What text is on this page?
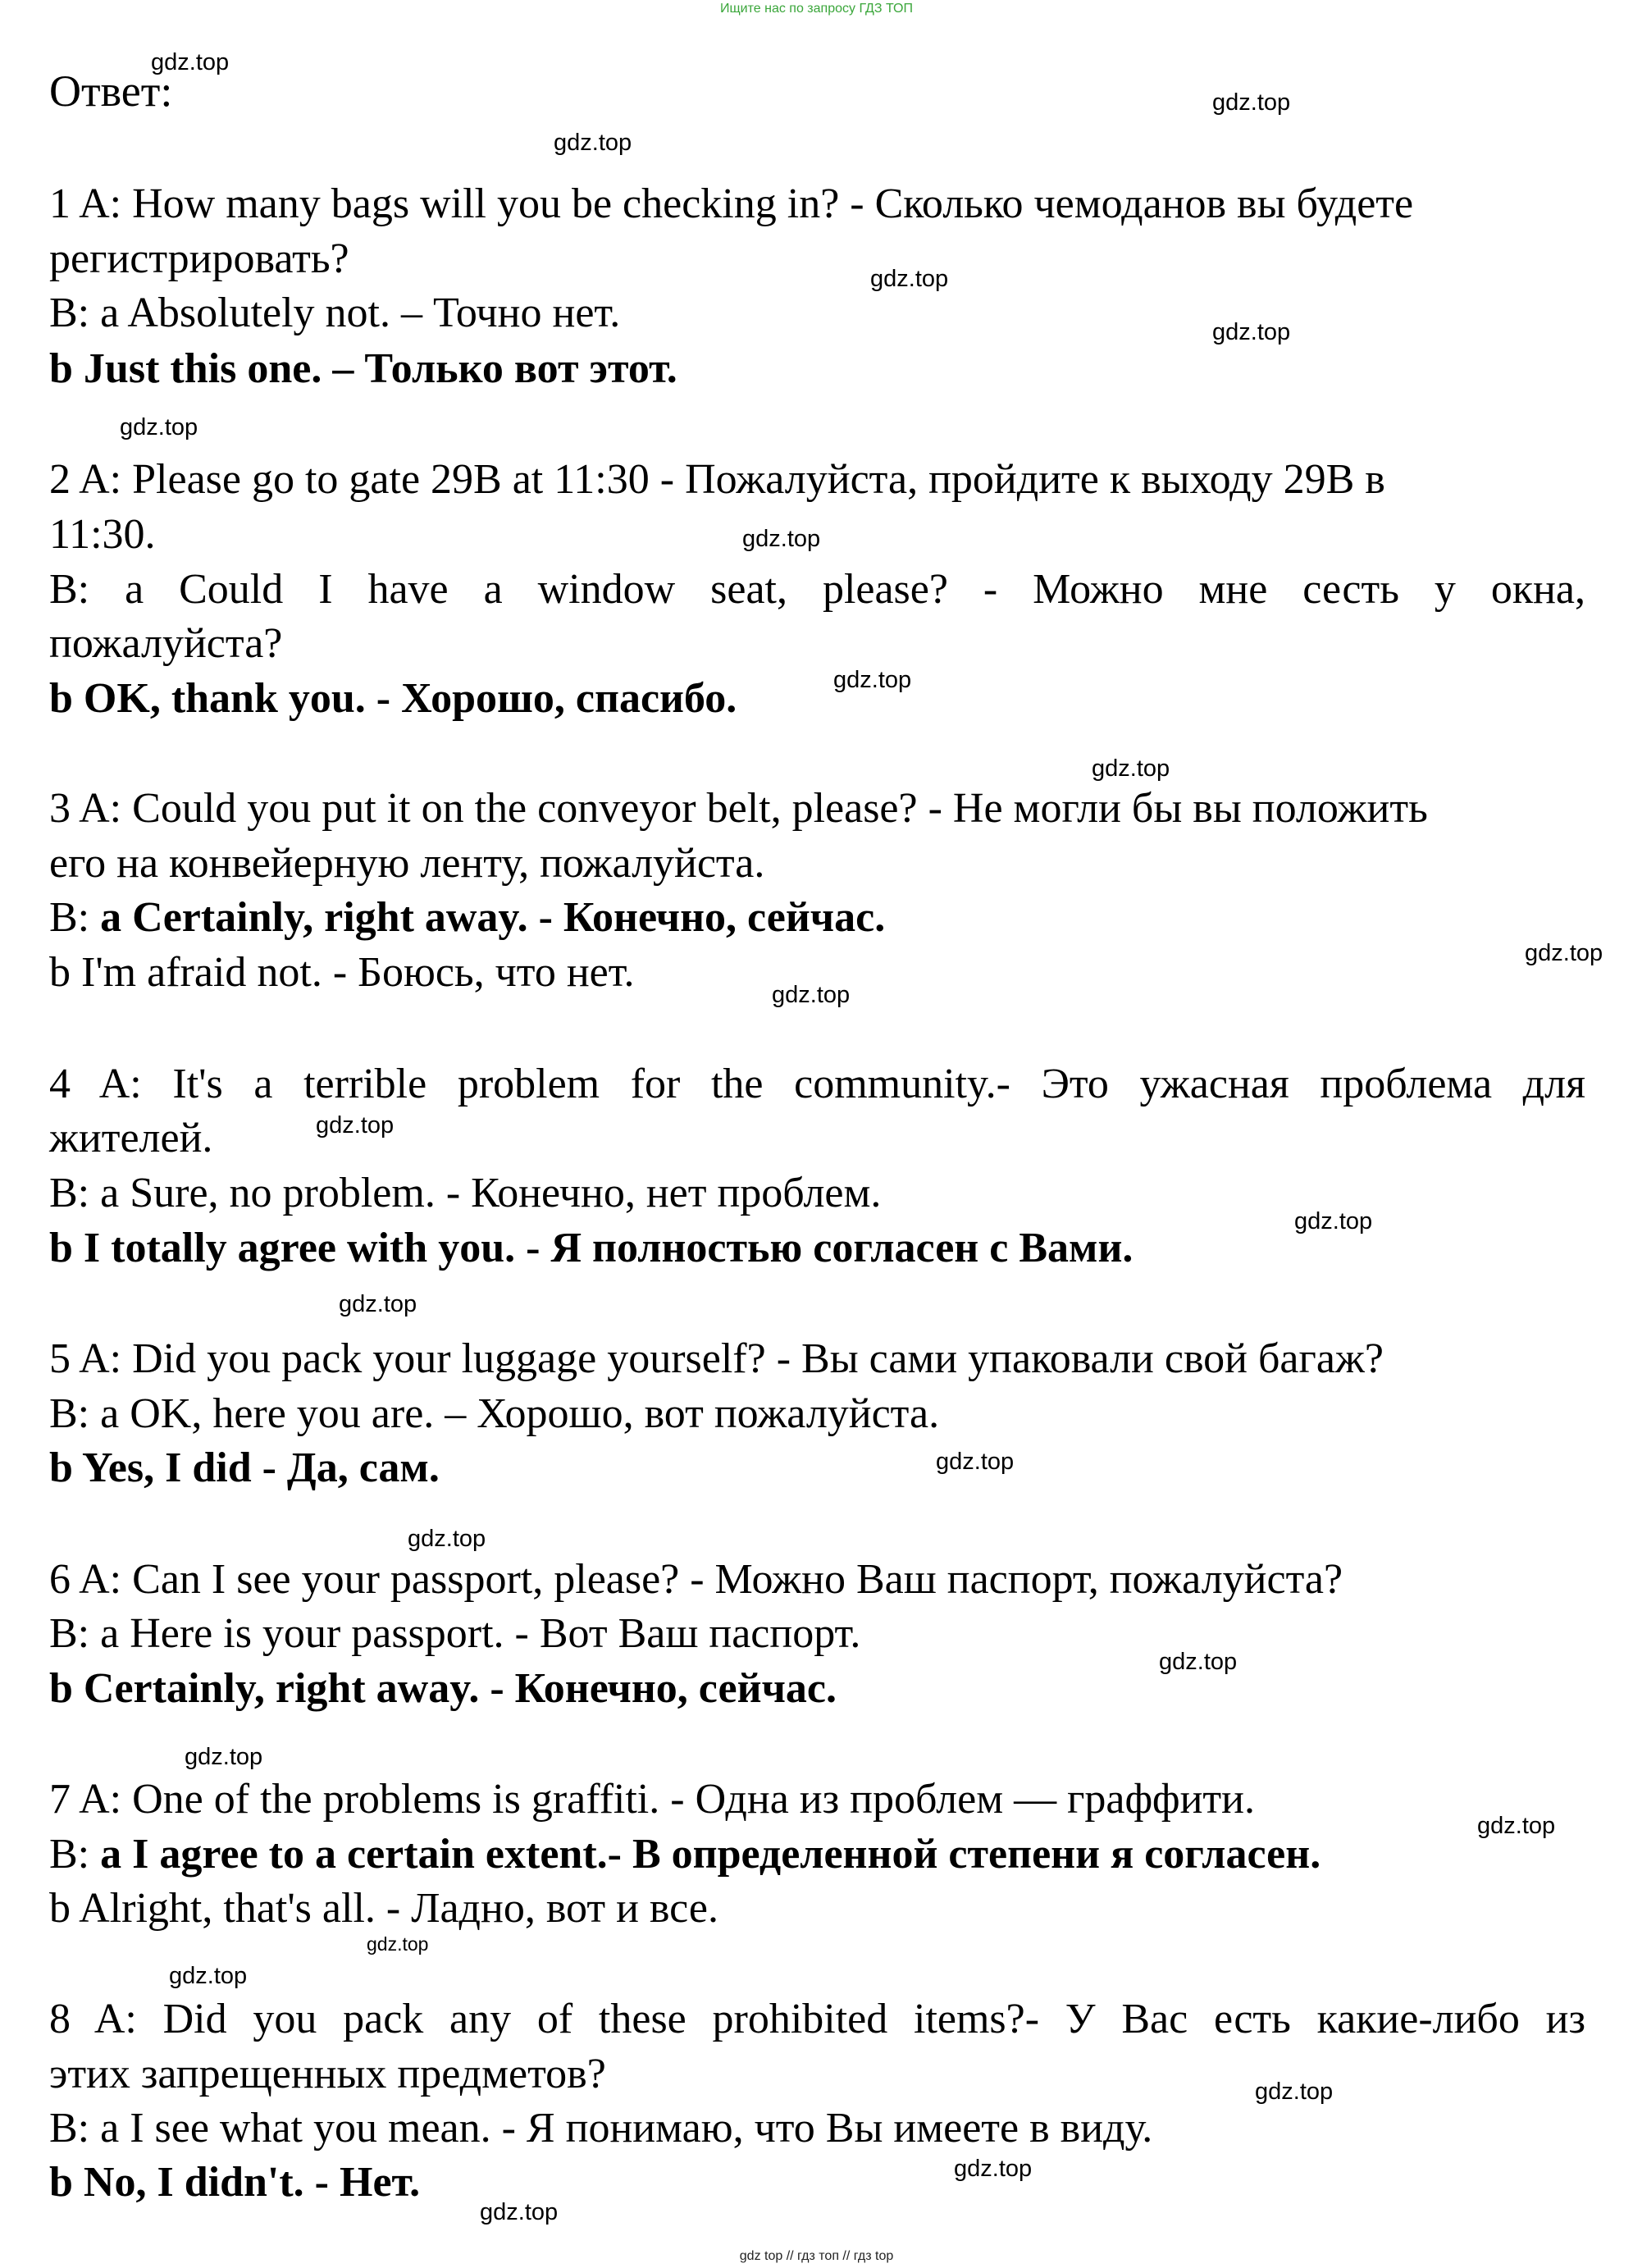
Ищите нас по запросу ГДЗ ТОП
Ответ:
gdz.top
gdz.top
gdz.top
gdz.top
gdz.top
gdz.top
gdz.top
gdz.top
gdz.top
gdz.top
gdz.top
gdz.top
gdz.top
gdz.top
gdz.top
gdz.top
gdz.top
gdz.top
gdz.top
gdz.top
gdz.top
gdz.top
gdz.top
gdz.top
1 A: How many bags will you be checking in? - Сколько чемоданов вы будете
регистрировать?
B: a Absolutely not. – Точно нет.
b Just this one. – Только вот этот.
2 A: Please go to gate 29B at 11:30 - Пожалуйста, пройдите к выходу 29B в
11:30.
B: a Could I have a window seat, please? - Можно мне сесть у окна,
пожалуйста?
b OK, thank you. - Хорошо, спасибо.
3 A: Could you put it on the conveyor belt, please? - Не могли бы вы положить
его на конвейерную ленту, пожалуйста.
B: a Certainly, right away. - Конечно, сейчас.
b I'm afraid not. - Боюсь, что нет.
4 A: It's a terrible problem for the community.- Это ужасная проблема для
жителей.
B: a Sure, no problem. - Конечно, нет проблем.
b I totally agree with you. - Я полностью согласен с Вами.
5 A: Did you pack your luggage yourself? - Вы сами упаковали свой багаж?
B: a OK, here you are. – Хорошо, вот пожалуйста.
b Yes, I did - Да, сам.
6 A: Can I see your passport, please? - Можно Ваш паспорт, пожалуйста?
B: a Here is your passport. - Вот Ваш паспорт.
b Certainly, right away. - Конечно, сейчас.
7 A: One of the problems is graffiti. - Одна из проблем — граффити.
B: a I agree to a certain extent.- В определенной степени я согласен.
b Alright, that's all. - Ладно, вот и все.
8 A: Did you pack any of these prohibited items?- У Вас есть какие-либо из
этих запрещенных предметов?
B: a I see what you mean. - Я понимаю, что Вы имеете в виду.
b No, I didn't. - Нет.
gdz top // гдз топ // гдз top
